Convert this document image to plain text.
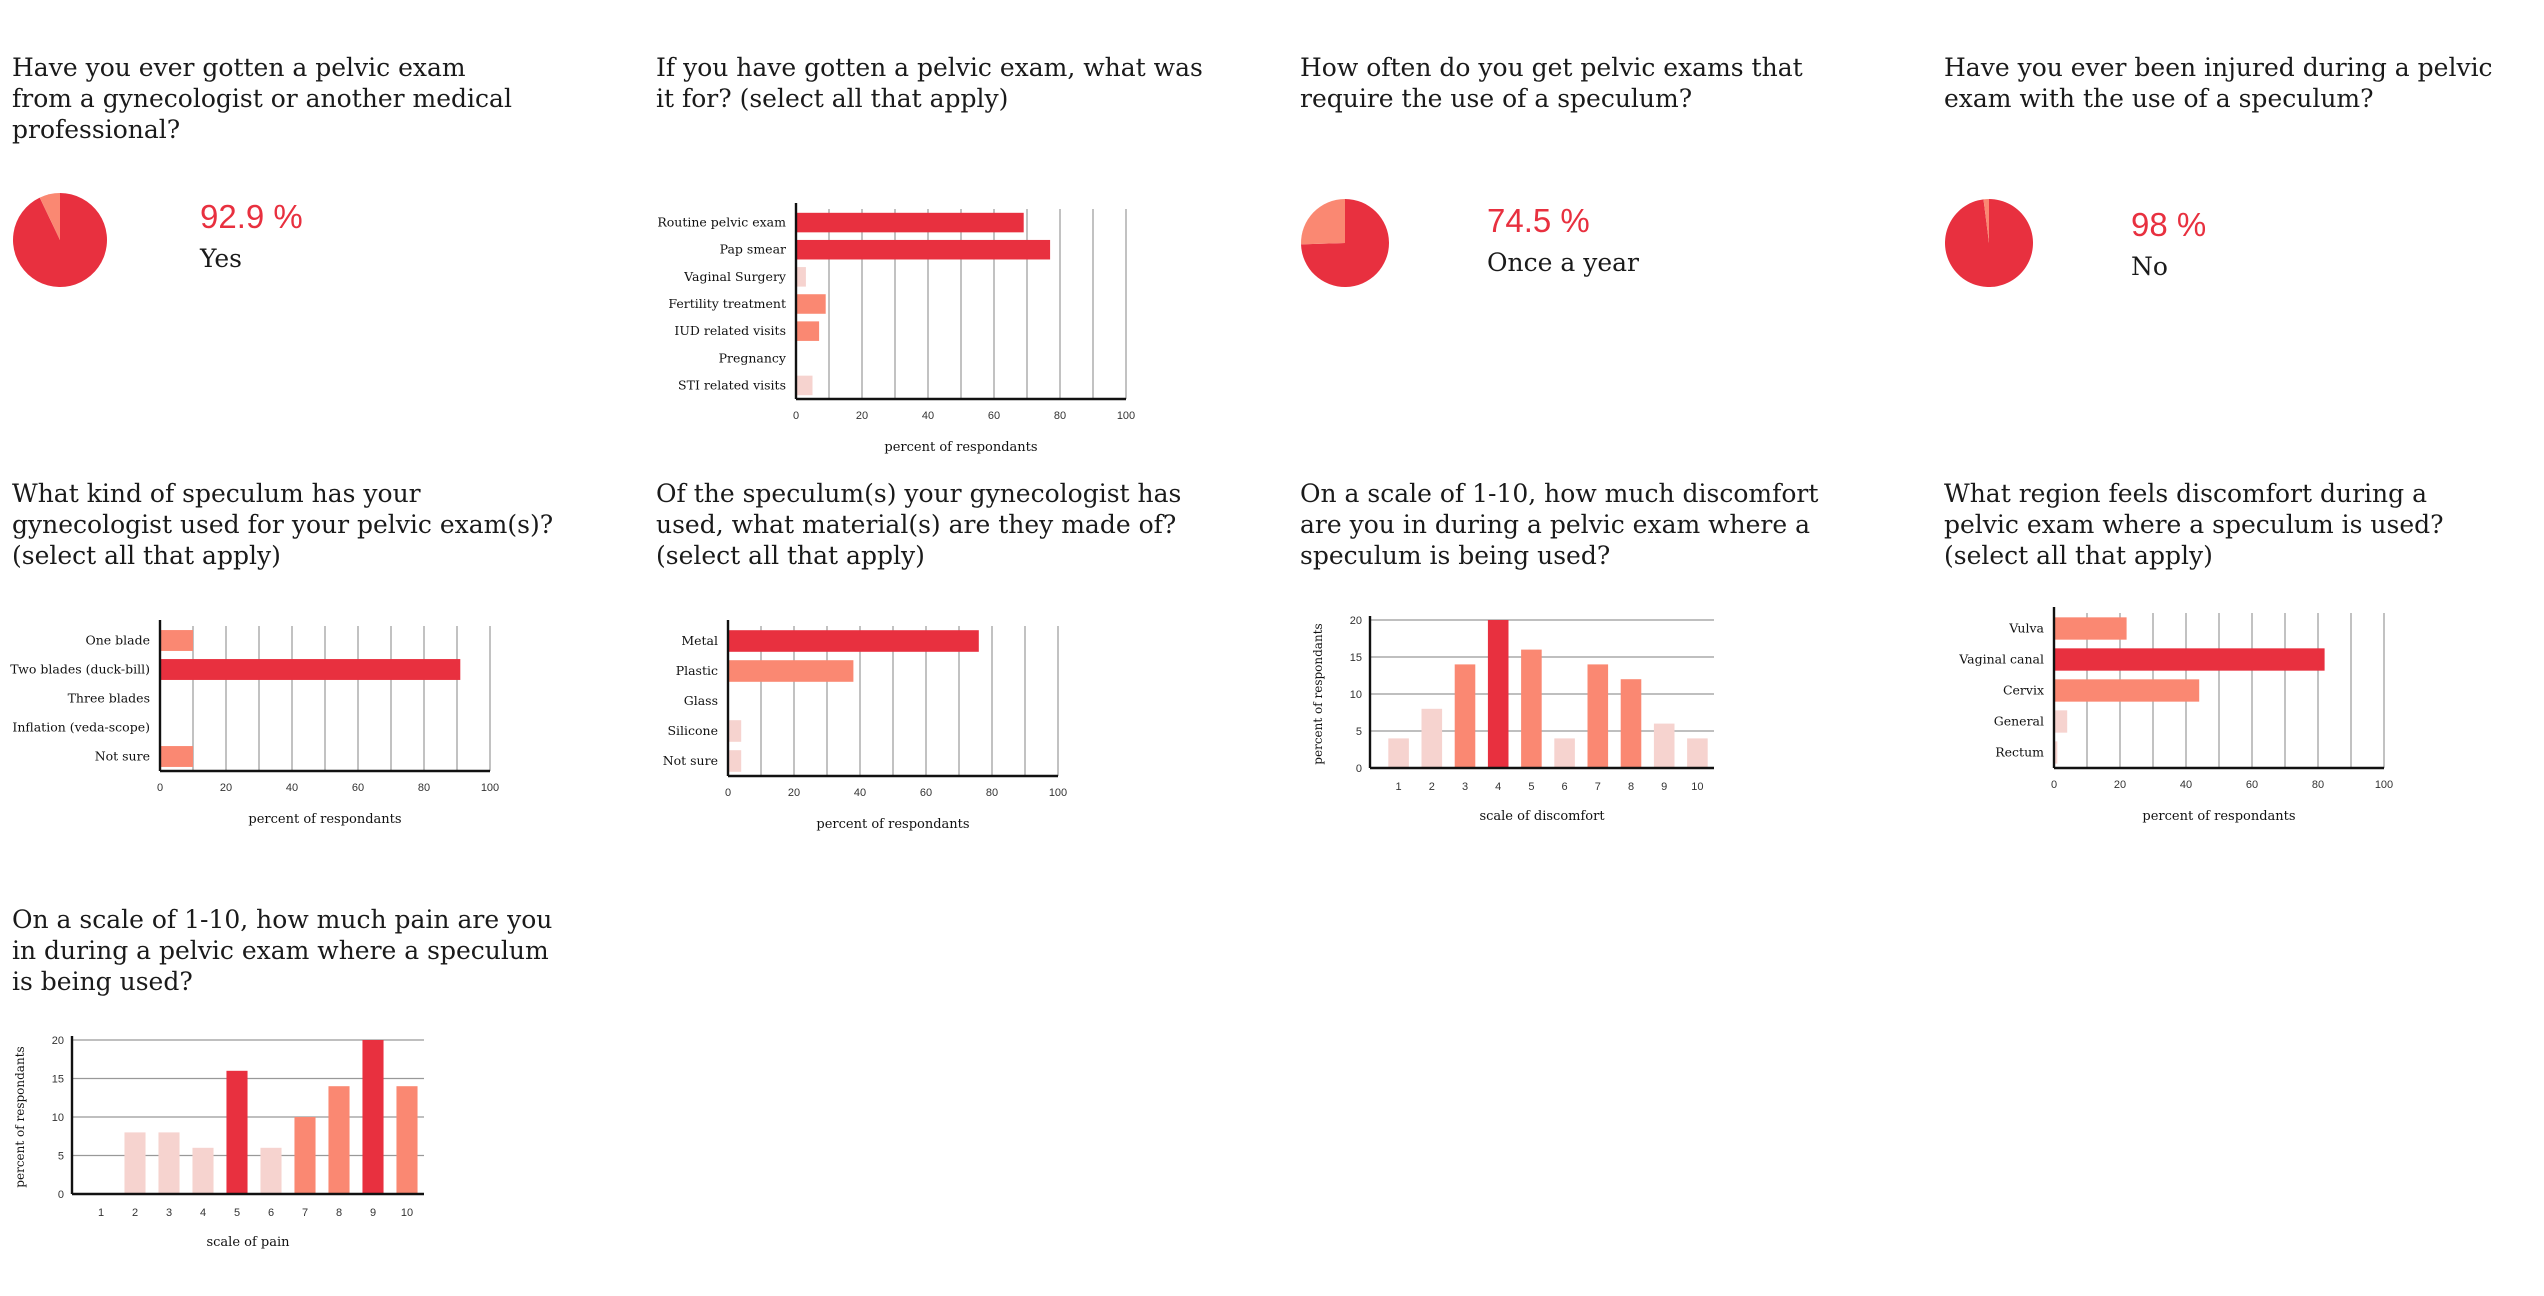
Have you ever gotten a pelvic exam
from a gynecologist or another medical
professional?

92.9 %
Yes

If you have gotten a pelvic exam, what was
it for? (select all that apply)

Routine pelvic exam
Pap smear
Vaginal Surgery
Fertility treatment
IUD related visits
Pregnancy
STI related visits
0	20	40	60	80	100
percent of respondants

How often do you get pelvic exams that
require the use of a speculum?

74.5 %
Once a year

Have you ever been injured during a pelvic
exam with the use of a speculum?

98 %
No

What kind of speculum has your
gynecologist used for your pelvic exam(s)?
(select all that apply)

One blade
Two blades (duck-bill)
Three blades
Inflation (veda-scope)
Not sure
0	20	40	60	80	100
percent of respondants

Of the speculum(s) your gynecologist has
used, what material(s) are they made of?
(select all that apply)

Metal
Plastic
Glass
Silicone
Not sure
0	20	40	60	80	100
percent of respondants

On a scale of 1-10, how much discomfort
are you in during a pelvic exam where a
speculum is being used?

0
5
10
15
20
1 2 3 4 5 6 7 8 9 10
scale of discomfort
percent of respondants

What region feels discomfort during a
pelvic exam where a speculum is used?
(select all that apply)

Vulva
Vaginal canal
Cervix
General
Rectum
0	20	40	60	80	100
percent of respondants

On a scale of 1-10, how much pain are you
in during a pelvic exam where a speculum
is being used?

0
5
10
15
20
1	2	3	4	5	6	7	8	9 10
scale of pain
percent of respondants
